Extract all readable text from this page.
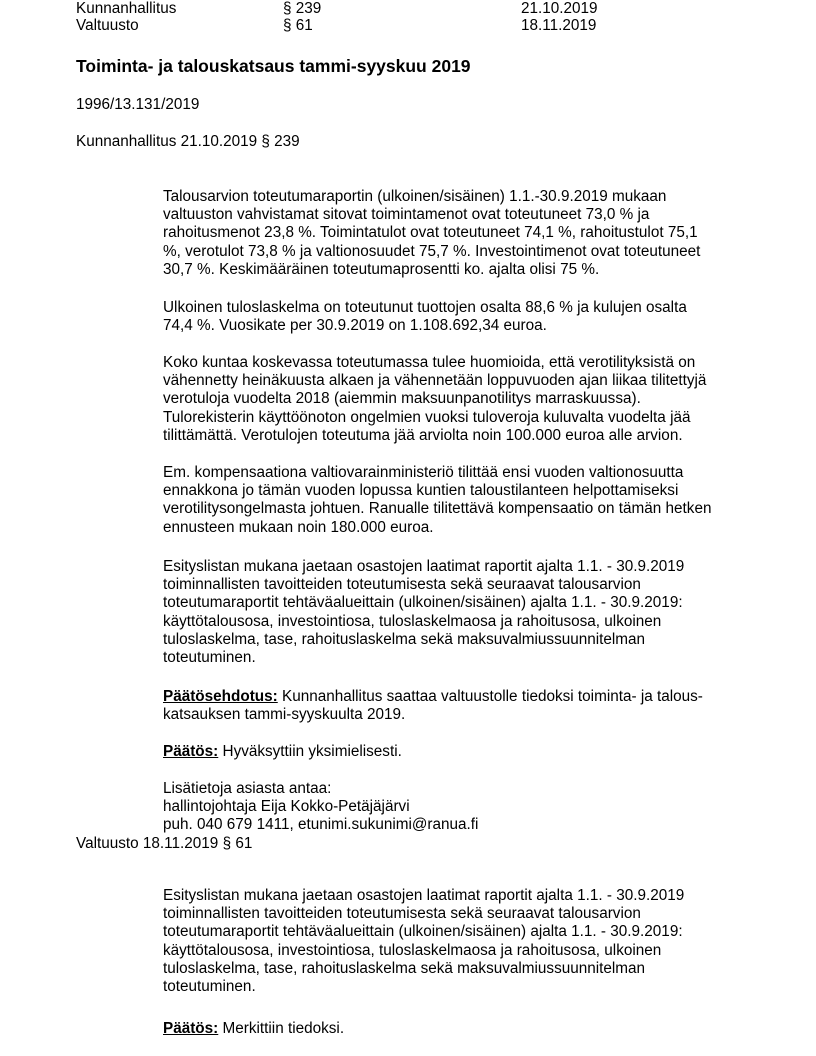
Kunnanhallitus	§ 239	21.10.2019
Valtuusto	§ 61	18.11.2019
Toiminta- ja talouskatsaus tammi-syyskuu 2019
1996/13.131/2019
Kunnanhallitus 21.10.2019 § 239
Talousarvion toteutumaraportin (ulkoinen/sisäinen) 1.1.-30.9.2019 mukaan
valtuuston vahvistamat sitovat toimintamenot ovat toteutuneet 73,0 % ja
rahoitusmenot 23,8 %. Toimintatulot ovat toteutuneet 74,1 %, rahoitustulot 75,1
%, verotulot 73,8 % ja valtionosuudet 75,7 %. Investointimenot ovat toteutuneet
30,7 %. Keskimääräinen toteutumaprosentti ko. ajalta olisi 75 %.
Ulkoinen tuloslaskelma on toteutunut tuottojen osalta 88,6 % ja kulujen osalta
74,4 %. Vuosikate per 30.9.2019 on 1.108.692,34 euroa.
Koko kuntaa koskevassa toteutumassa tulee huomioida, että verotilityksistä on
vähennetty heinäkuusta alkaen ja vähennetään loppuvuoden ajan liikaa tilitettyjä
verotuloja vuodelta 2018 (aiemmin maksuunpanotilitys marraskuussa).
Tulorekisterin käyttöönoton ongelmien vuoksi tuloveroja kuluvalta vuodelta jää
tilittämättä. Verotulojen toteutuma jää arviolta noin 100.000 euroa alle arvion.
Em. kompensaationa valtiovarainministeriö tilittää ensi vuoden valtionosuutta
ennakkona jo tämän vuoden lopussa kuntien taloustilanteen helpottamiseksi
verotilitysongelmasta johtuen. Ranualle tilitettävä kompensaatio on tämän hetken
ennusteen mukaan noin 180.000 euroa.
Esityslistan mukana jaetaan osastojen laatimat raportit ajalta 1.1. - 30.9.2019
toiminnallisten tavoitteiden toteutumisesta sekä seuraavat talousarvion
toteutumaraportit tehtäväalueittain (ulkoinen/sisäinen) ajalta 1.1. - 30.9.2019:
käyttötalousosa, investointiosa, tuloslaskelmaosa ja rahoitusosa, ulkoinen
tuloslaskelma, tase, rahoituslaskelma sekä maksuvalmiussuunnitelman
toteutuminen.
Päätösehdotus: Kunnanhallitus saattaa valtuustolle tiedoksi toiminta- ja talous-
katsauksen tammi-syyskuulta 2019.
Päätös: Hyväksyttiin yksimielisesti.
Lisätietoja asiasta antaa:
hallintojohtaja Eija Kokko-Petäjäjärvi
puh. 040 679 1411, etunimi.sukunimi@ranua.fi
Valtuusto 18.11.2019 § 61
Esityslistan mukana jaetaan osastojen laatimat raportit ajalta 1.1. - 30.9.2019
toiminnallisten tavoitteiden toteutumisesta sekä seuraavat talousarvion
toteutumaraportit tehtäväalueittain (ulkoinen/sisäinen) ajalta 1.1. - 30.9.2019:
käyttötalousosa, investointiosa, tuloslaskelmaosa ja rahoitusosa, ulkoinen
tuloslaskelma, tase, rahoituslaskelma sekä maksuvalmiussuunnitelman
toteutuminen.
Päätös: Merkittiin tiedoksi.
